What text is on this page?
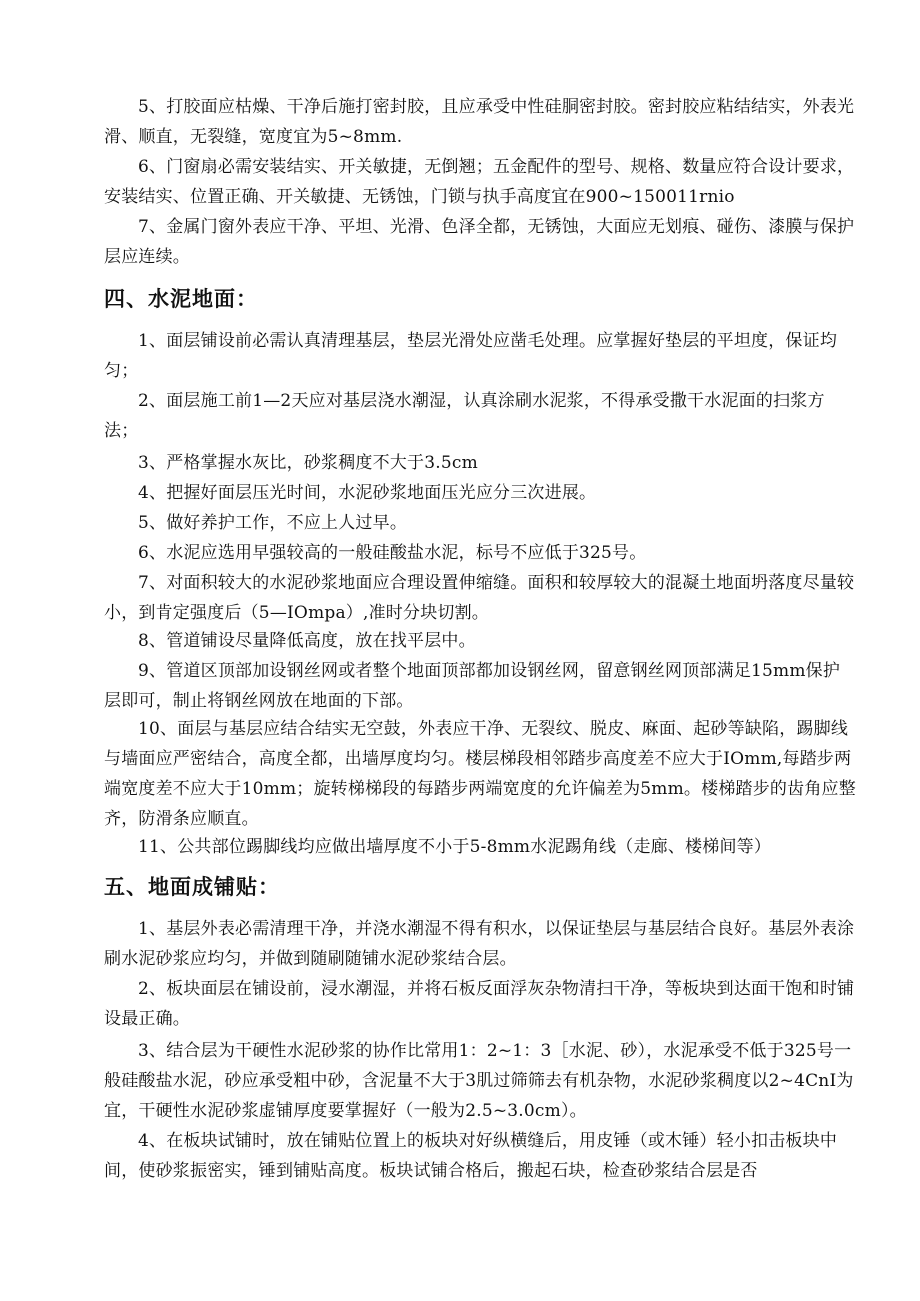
5、打胶面应枯燥、干净后施打密封胶，且应承受中性硅胴密封胶。密封胶应粘结结实，外表光滑、顺直，无裂缝，宽度宜为5~8mm.

6、门窗扇必需安装结实、开关敏捷，无倒翘；五金配件的型号、规格、数量应符合设计要求，安装结实、位置正确、开关敏捷、无锈蚀，门锁与执手高度宜在900~150011rnio

7、金属门窗外表应干净、平坦、光滑、色泽全都，无锈蚀，大面应无划痕、碰伤、漆膜与保护层应连续。

四、水泥地面：

1、面层铺设前必需认真清理基层，垫层光滑处应凿毛处理。应掌握好垫层的平坦度，保证均匀；

2、面层施工前1—2天应对基层浇水潮湿，认真涂刷水泥浆，不得承受撒干水泥面的扫浆方法；

3、严格掌握水灰比，砂浆稠度不大于3.5cm

4、把握好面层压光时间，水泥砂浆地面压光应分三次进展。

5、做好养护工作，不应上人过早。

6、水泥应选用早强较高的一般硅酸盐水泥，标号不应低于325号。

7、对面积较大的水泥砂浆地面应合理设置伸缩缝。面积和较厚较大的混凝土地面坍落度尽量较小，到肯定强度后（5—IOmpa）,准时分块切割。

8、管道铺设尽量降低高度，放在找平层中。

9、管道区顶部加设钢丝网或者整个地面顶部都加设钢丝网，留意钢丝网顶部满足15mm保护层即可，制止将钢丝网放在地面的下部。

10、面层与基层应结合结实无空鼓，外表应干净、无裂纹、脱皮、麻面、起砂等缺陷，踢脚线与墙面应严密结合，高度全都，出墙厚度均匀。楼层梯段相邻踏步高度差不应大于IOmm,每踏步两端宽度差不应大于10mm；旋转梯梯段的每踏步两端宽度的允许偏差为5mm。楼梯踏步的齿角应整齐，防滑条应顺直。

11、公共部位踢脚线均应做出墙厚度不小于5-8mm水泥踢角线（走廊、楼梯间等）

五、地面成铺贴：

1、基层外表必需清理干净，并浇水潮湿不得有积水，以保证垫层与基层结合良好。基层外表涂刷水泥砂浆应均匀，并做到随刷随铺水泥砂浆结合层。

2、板块面层在铺设前，浸水潮湿，并将石板反面浮灰杂物清扫干净，等板块到达面干饱和时铺设最正确。

3、结合层为干硬性水泥砂浆的协作比常用1：2~1：3［水泥、砂），水泥承受不低于325号一般硅酸盐水泥，砂应承受粗中砂，含泥量不大于3肌过筛筛去有机杂物，水泥砂浆稠度以2~4CnI为宜，干硬性水泥砂浆虚铺厚度要掌握好（一般为2.5~3.0cm）。

4、在板块试铺时，放在铺贴位置上的板块对好纵横缝后，用皮锤（或木锤）轻小扣击板块中间，使砂浆振密实，锤到铺贴高度。板块试铺合格后，搬起石块，检查砂浆结合层是否
